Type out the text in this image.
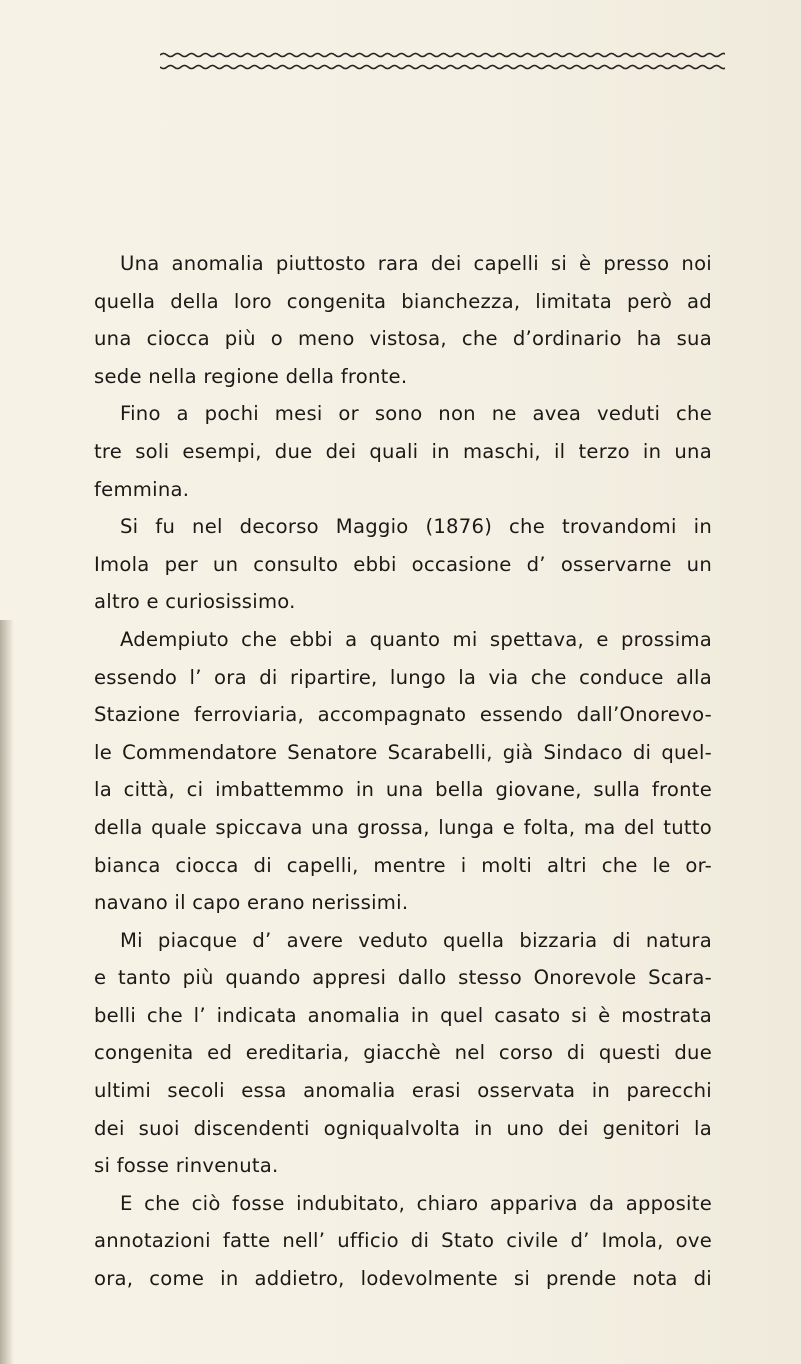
Una anomalia piuttosto rara dei capelli si è presso noi
quella della loro congenita bianchezza, limitata però ad
una ciocca più o meno vistosa, che d’ordinario ha sua
sede nella regione della fronte.
Fino a pochi mesi or sono non ne avea veduti che
tre soli esempi, due dei quali in maschi, il terzo in una
femmina.
Si fu nel decorso Maggio (1876) che trovandomi in
Imola per un consulto ebbi occasione d’ osservarne un
altro e curiosissimo.
Adempiuto che ebbi a quanto mi spettava, e prossima
essendo l’ ora di ripartire, lungo la via che conduce alla
Stazione ferroviaria, accompagnato essendo dall’Onorevo-
le Commendatore Senatore Scarabelli, già Sindaco di quel-
la città, ci imbattemmo in una bella giovane, sulla fronte
della quale spiccava una grossa, lunga e folta, ma del tutto
bianca ciocca di capelli, mentre i molti altri che le or-
navano il capo erano nerissimi.
Mi piacque d’ avere veduto quella bizzaria di natura
e tanto più quando appresi dallo stesso Onorevole Scara-
belli che l’ indicata anomalia in quel casato si è mostrata
congenita ed ereditaria, giacchè nel corso di questi due
ultimi secoli essa anomalia erasi osservata in parecchi
dei suoi discendenti ogniqualvolta in uno dei genitori la
si fosse rinvenuta.
E che ciò fosse indubitato, chiaro appariva da apposite
annotazioni fatte nell’ ufficio di Stato civile d’ Imola, ove
ora, come in addietro, lodevolmente si prende nota di
